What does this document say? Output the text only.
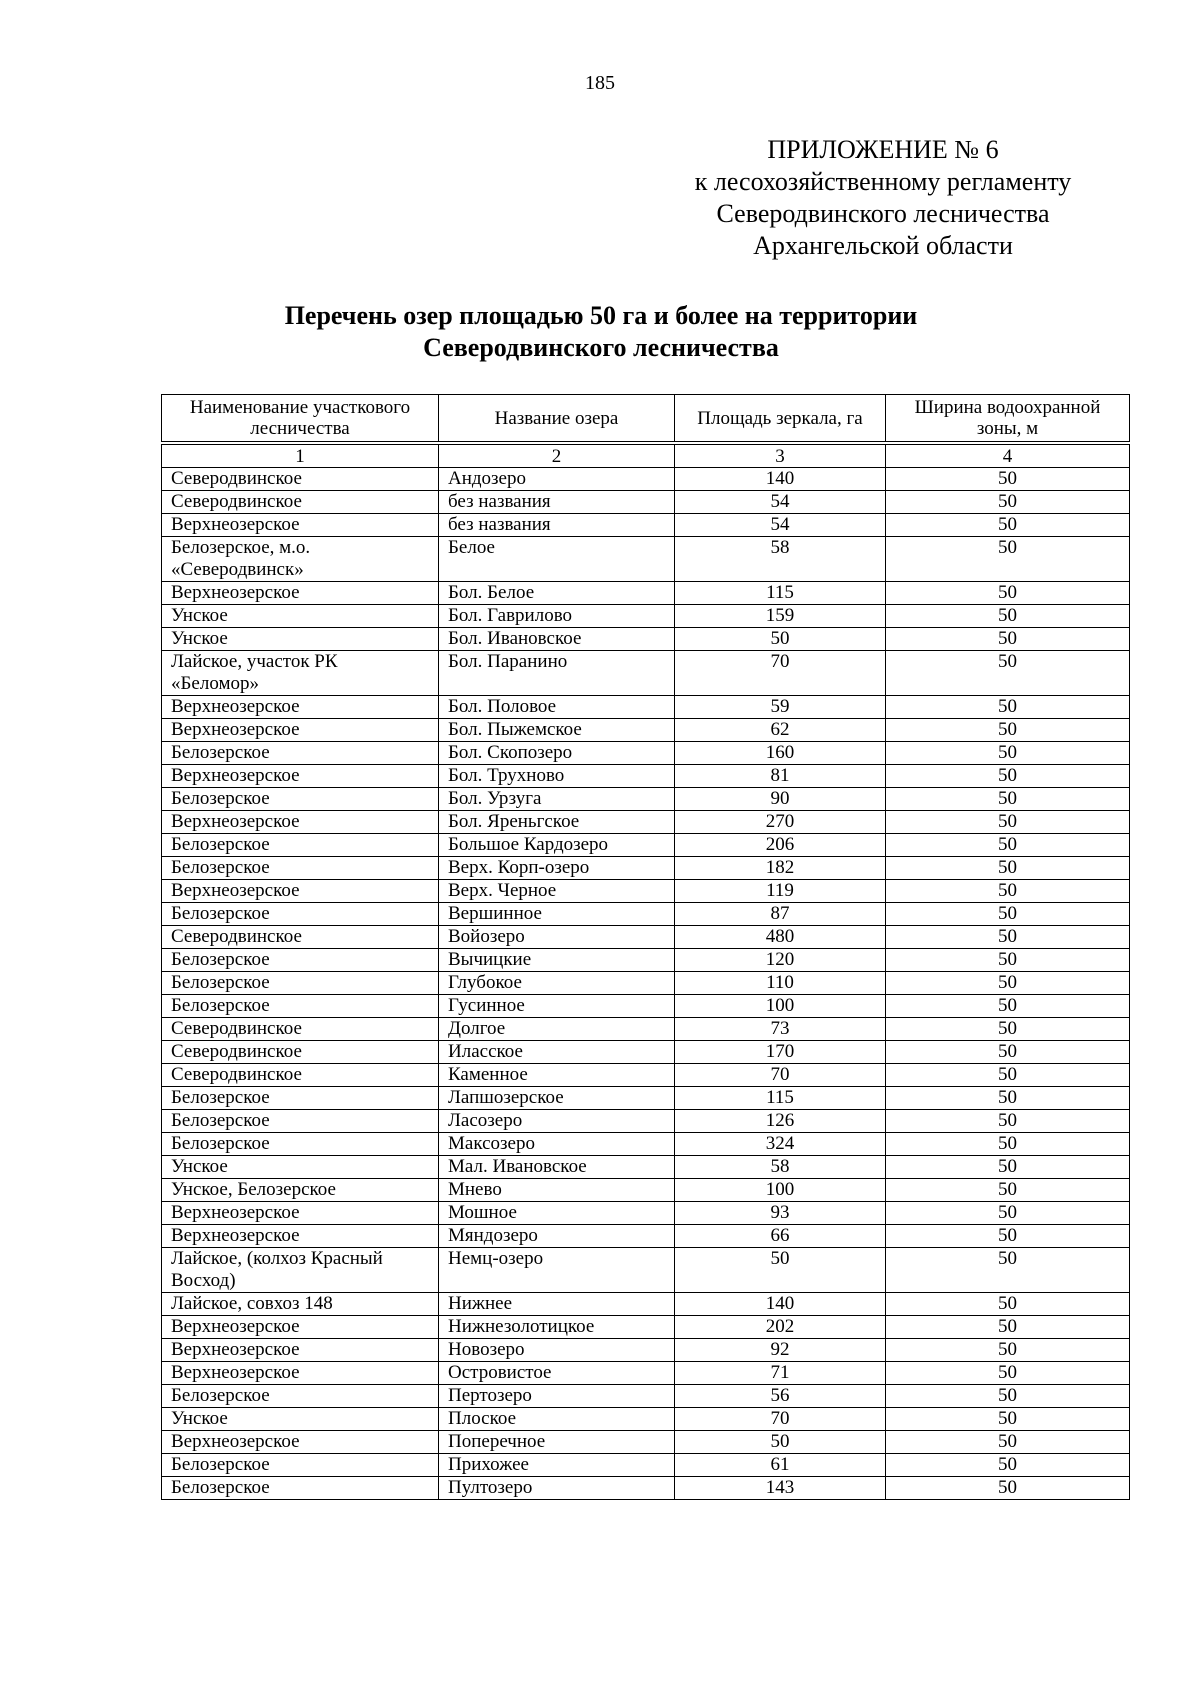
185
ПРИЛОЖЕНИЕ № 6
к лесохозяйственному регламенту
Северодвинского лесничества
Архангельской области
Перечень озер площадью 50 га и более на территории
Северодвинского лесничества
Наименование участкового лесничества	Название озера	Площадь зеркала, га	Ширина водоохранной зоны, м
1	2	3	4
Северодвинское	Андозеро	140	50
Северодвинское	без названия	54	50
Верхнеозерское	без названия	54	50
Белозерское, м.о. «Северодвинск»	Белое	58	50
Верхнеозерское	Бол. Белое	115	50
Унское	Бол. Гаврилово	159	50
Унское	Бол. Ивановское	50	50
Лайское, участок РК «Беломор»	Бол. Паранино	70	50
Верхнеозерское	Бол. Половое	59	50
Верхнеозерское	Бол. Пыжемское	62	50
Белозерское	Бол. Скопозеро	160	50
Верхнеозерское	Бол. Трухново	81	50
Белозерское	Бол. Урзуга	90	50
Верхнеозерское	Бол. Яреньгское	270	50
Белозерское	Большое Кардозеро	206	50
Белозерское	Верх. Корп-озеро	182	50
Верхнеозерское	Верх. Черное	119	50
Белозерское	Вершинное	87	50
Северодвинское	Войозеро	480	50
Белозерское	Вычицкие	120	50
Белозерское	Глубокое	110	50
Белозерское	Гусинное	100	50
Северодвинское	Долгое	73	50
Северодвинское	Иласское	170	50
Северодвинское	Каменное	70	50
Белозерское	Лапшозерское	115	50
Белозерское	Ласозеро	126	50
Белозерское	Максозеро	324	50
Унское	Мал. Ивановское	58	50
Унское, Белозерское	Мнево	100	50
Верхнеозерское	Мошное	93	50
Верхнеозерское	Мяндозеро	66	50
Лайское, (колхоз Красный Восход)	Немц-озеро	50	50
Лайское, совхоз 148	Нижнее	140	50
Верхнеозерское	Нижнезолотицкое	202	50
Верхнеозерское	Новозеро	92	50
Верхнеозерское	Островистое	71	50
Белозерское	Пертозеро	56	50
Унское	Плоское	70	50
Верхнеозерское	Поперечное	50	50
Белозерское	Прихожее	61	50
Белозерское	Пултозеро	143	50
